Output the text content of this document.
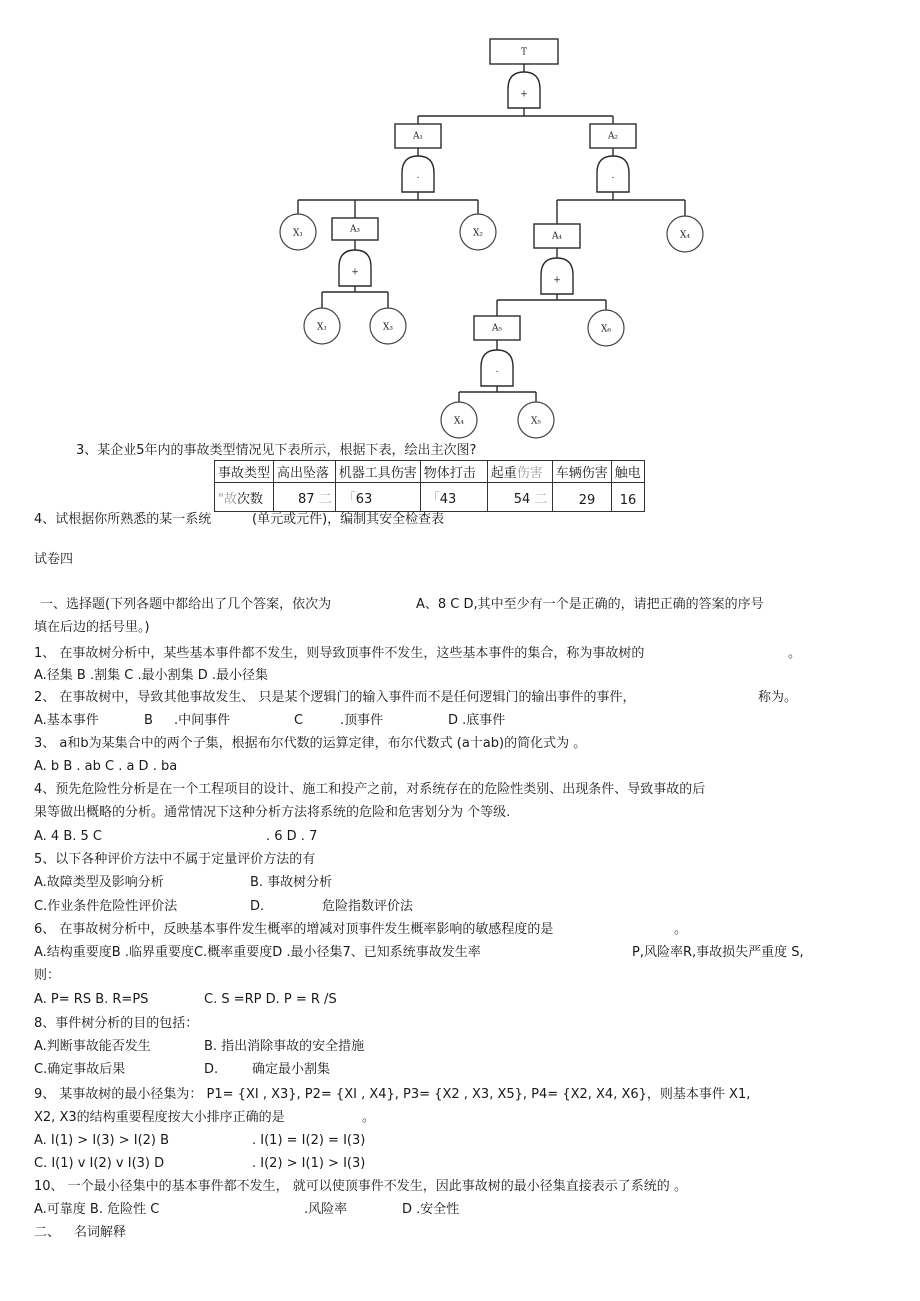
T
+
A₁
·
A₂
·
X₁	A₃
+
X₂
X₁	X₃
A₄
+
X₄
A₅
·
X₆
X₄	X₅
3、某企业5年内的事故类型情况见下表所示，根据下表，绘出主次图?
事故类型	高出坠落	机器工具伤害	物体打击	起重伤害	车辆伤害	触电
"故次数	87 二	「63	「43	54 二	29	16
4、试根据你所熟悉的某一系统	(单元或元件)，编制其安全检查表
试卷四
一、选择题(下列各题中都给出了几个答案，依次为	A、8 C D,其中至少有一个是正确的，请把正确的答案的序号
填在后边的括号里。)
1、 在事故树分析中，某些基本事件都不发生，则导致顶事件不发生，这些基本事件的集合，称为事故树的	。
A.径集 B .割集 C .最小割集 D .最小径集
2、 在事故树中，导致其他事故发生、 只是某个逻辑门的输入事件而不是任何逻辑门的输出事件的事件，	称为。
A.基本事件	B .中间事件	C	.顶事件	D .底事件
3、 a和b为某集合中的两个子集，根据布尔代数的运算定律，布尔代数式 (a十ab)的简化式为 。
A. b B . ab C . a D . ba
4、预先危险性分析是在一个工程项目的设计、施工和投产之前，对系统存在的危险性类别、出现条件、导致事故的后
果等做出概略的分析。通常情况下这种分析方法将系统的危险和危害划分为 个等级.
A. 4 B. 5 C	. 6 D . 7
5、以下各种评价方法中不属于定量评价方法的有
A.故障类型及影响分析	B. 事故树分析
C.作业条件危险性评价法	D.	危险指数评价法
6、 在事故树分析中，反映基本事件发生概率的增减对顶事件发生概率影响的敏感程度的是	。
A.结构重要度B .临界重要度C.概率重要度D .最小径集7、已知系统事故发生率	P,风险率R,事故损失严重度 S,
则：
A. P= RS B. R=PS	C. S =RP D. P = R /S
8、事件树分析的目的包括：
A.判断事故能否发生	B. 指出消除事故的安全措施
C.确定事故后果	D.	确定最小割集
9、 某事故树的最小径集为： P1= {XI , X3}, P2= {XI , X4}, P3= {X2 , X3, X5}, P4= {X2, X4, X6}，则基本事件 X1,
X2, X3的结构重要程度按大小排序正确的是	。
A. I(1) > I(3) > I(2) B	. I(1) = I(2) = I(3)
C. I(1) v I(2) v I(3) D	. I(2) > I(1) > I(3)
10、 一个最小径集中的基本事件都不发生， 就可以使顶事件不发生，因此事故树的最小径集直接表示了系统的 。
A.可靠度 B. 危险性 C	.风险率	D .安全性
二、 名词解释
